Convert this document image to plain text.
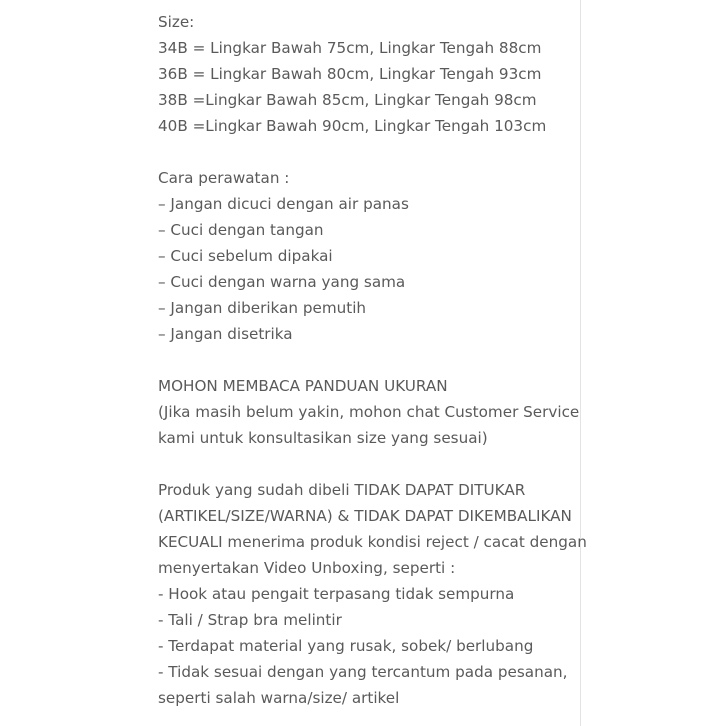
Size:
34B = Lingkar Bawah 75cm, Lingkar Tengah 88cm
36B = Lingkar Bawah 80cm, Lingkar Tengah 93cm
38B =Lingkar Bawah 85cm, Lingkar Tengah 98cm
40B =Lingkar Bawah 90cm, Lingkar Tengah 103cm
Cara perawatan :
– Jangan dicuci dengan air panas
– Cuci dengan tangan
– Cuci sebelum dipakai
– Cuci dengan warna yang sama
– Jangan diberikan pemutih
– Jangan disetrika
MOHON MEMBACA PANDUAN UKURAN
(Jika masih belum yakin, mohon chat Customer Service
kami untuk konsultasikan size yang sesuai)
Produk yang sudah dibeli TIDAK DAPAT DITUKAR
(ARTIKEL/SIZE/WARNA) & TIDAK DAPAT DIKEMBALIKAN
KECUALI menerima produk kondisi reject / cacat dengan
menyertakan Video Unboxing, seperti :
- Hook atau pengait terpasang tidak sempurna
- Tali / Strap bra melintir
- Terdapat material yang rusak, sobek/ berlubang
- Tidak sesuai dengan yang tercantum pada pesanan,
seperti salah warna/size/ artikel
